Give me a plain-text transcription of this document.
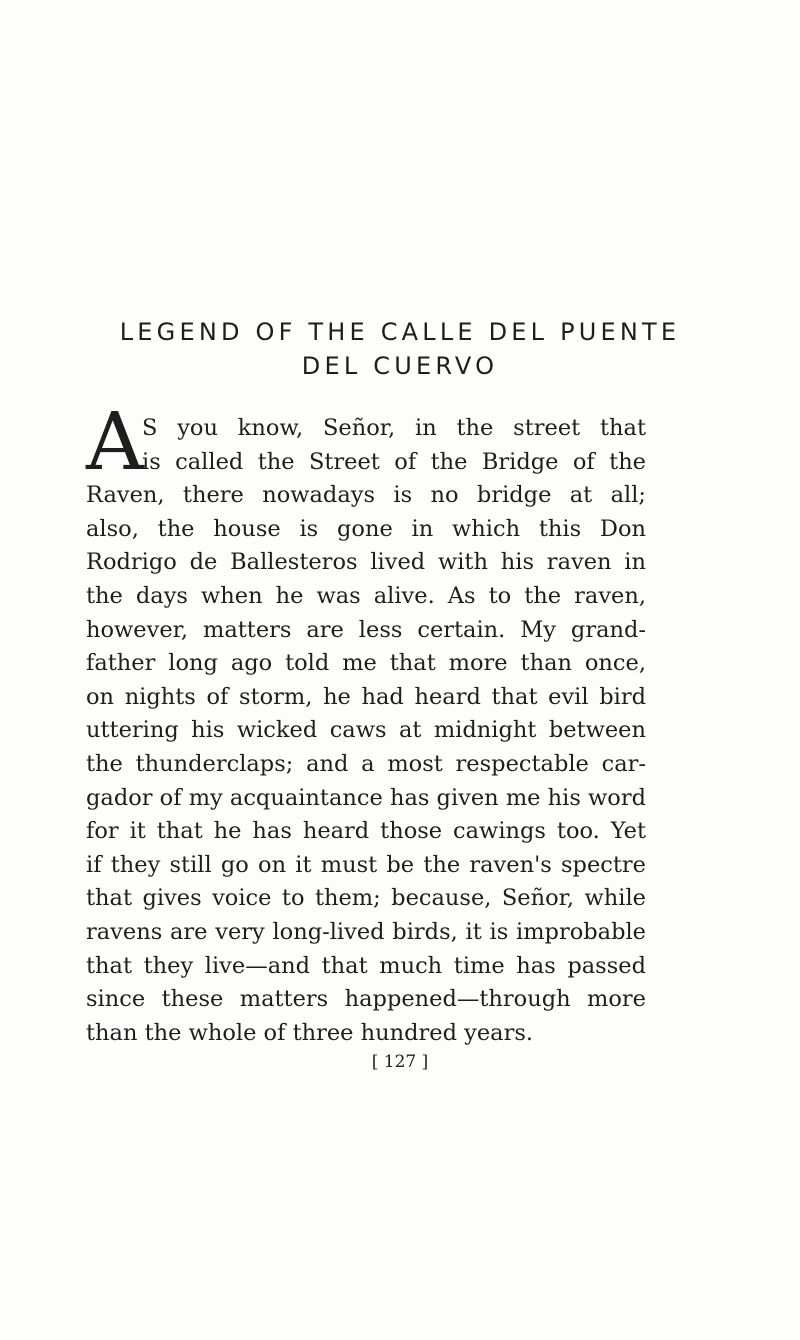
LEGEND OF THE CALLE DEL PUENTE
DEL CUERVO
A
S you know, Señor, in the street that
is called the Street of the Bridge of the
Raven, there nowadays is no bridge at all;
also, the house is gone in which this Don
Rodrigo de Ballesteros lived with his raven in
the days when he was alive. As to the raven,
however, matters are less certain. My grand-
father long ago told me that more than once,
on nights of storm, he had heard that evil bird
uttering his wicked caws at midnight between
the thunderclaps; and a most respectable car-
gador of my acquaintance has given me his word
for it that he has heard those cawings too. Yet
if they still go on it must be the raven's spectre
that gives voice to them; because, Señor, while
ravens are very long-lived birds, it is improbable
that they live—and that much time has passed
since these matters happened—through more
than the whole of three hundred years.
[ 127 ]
